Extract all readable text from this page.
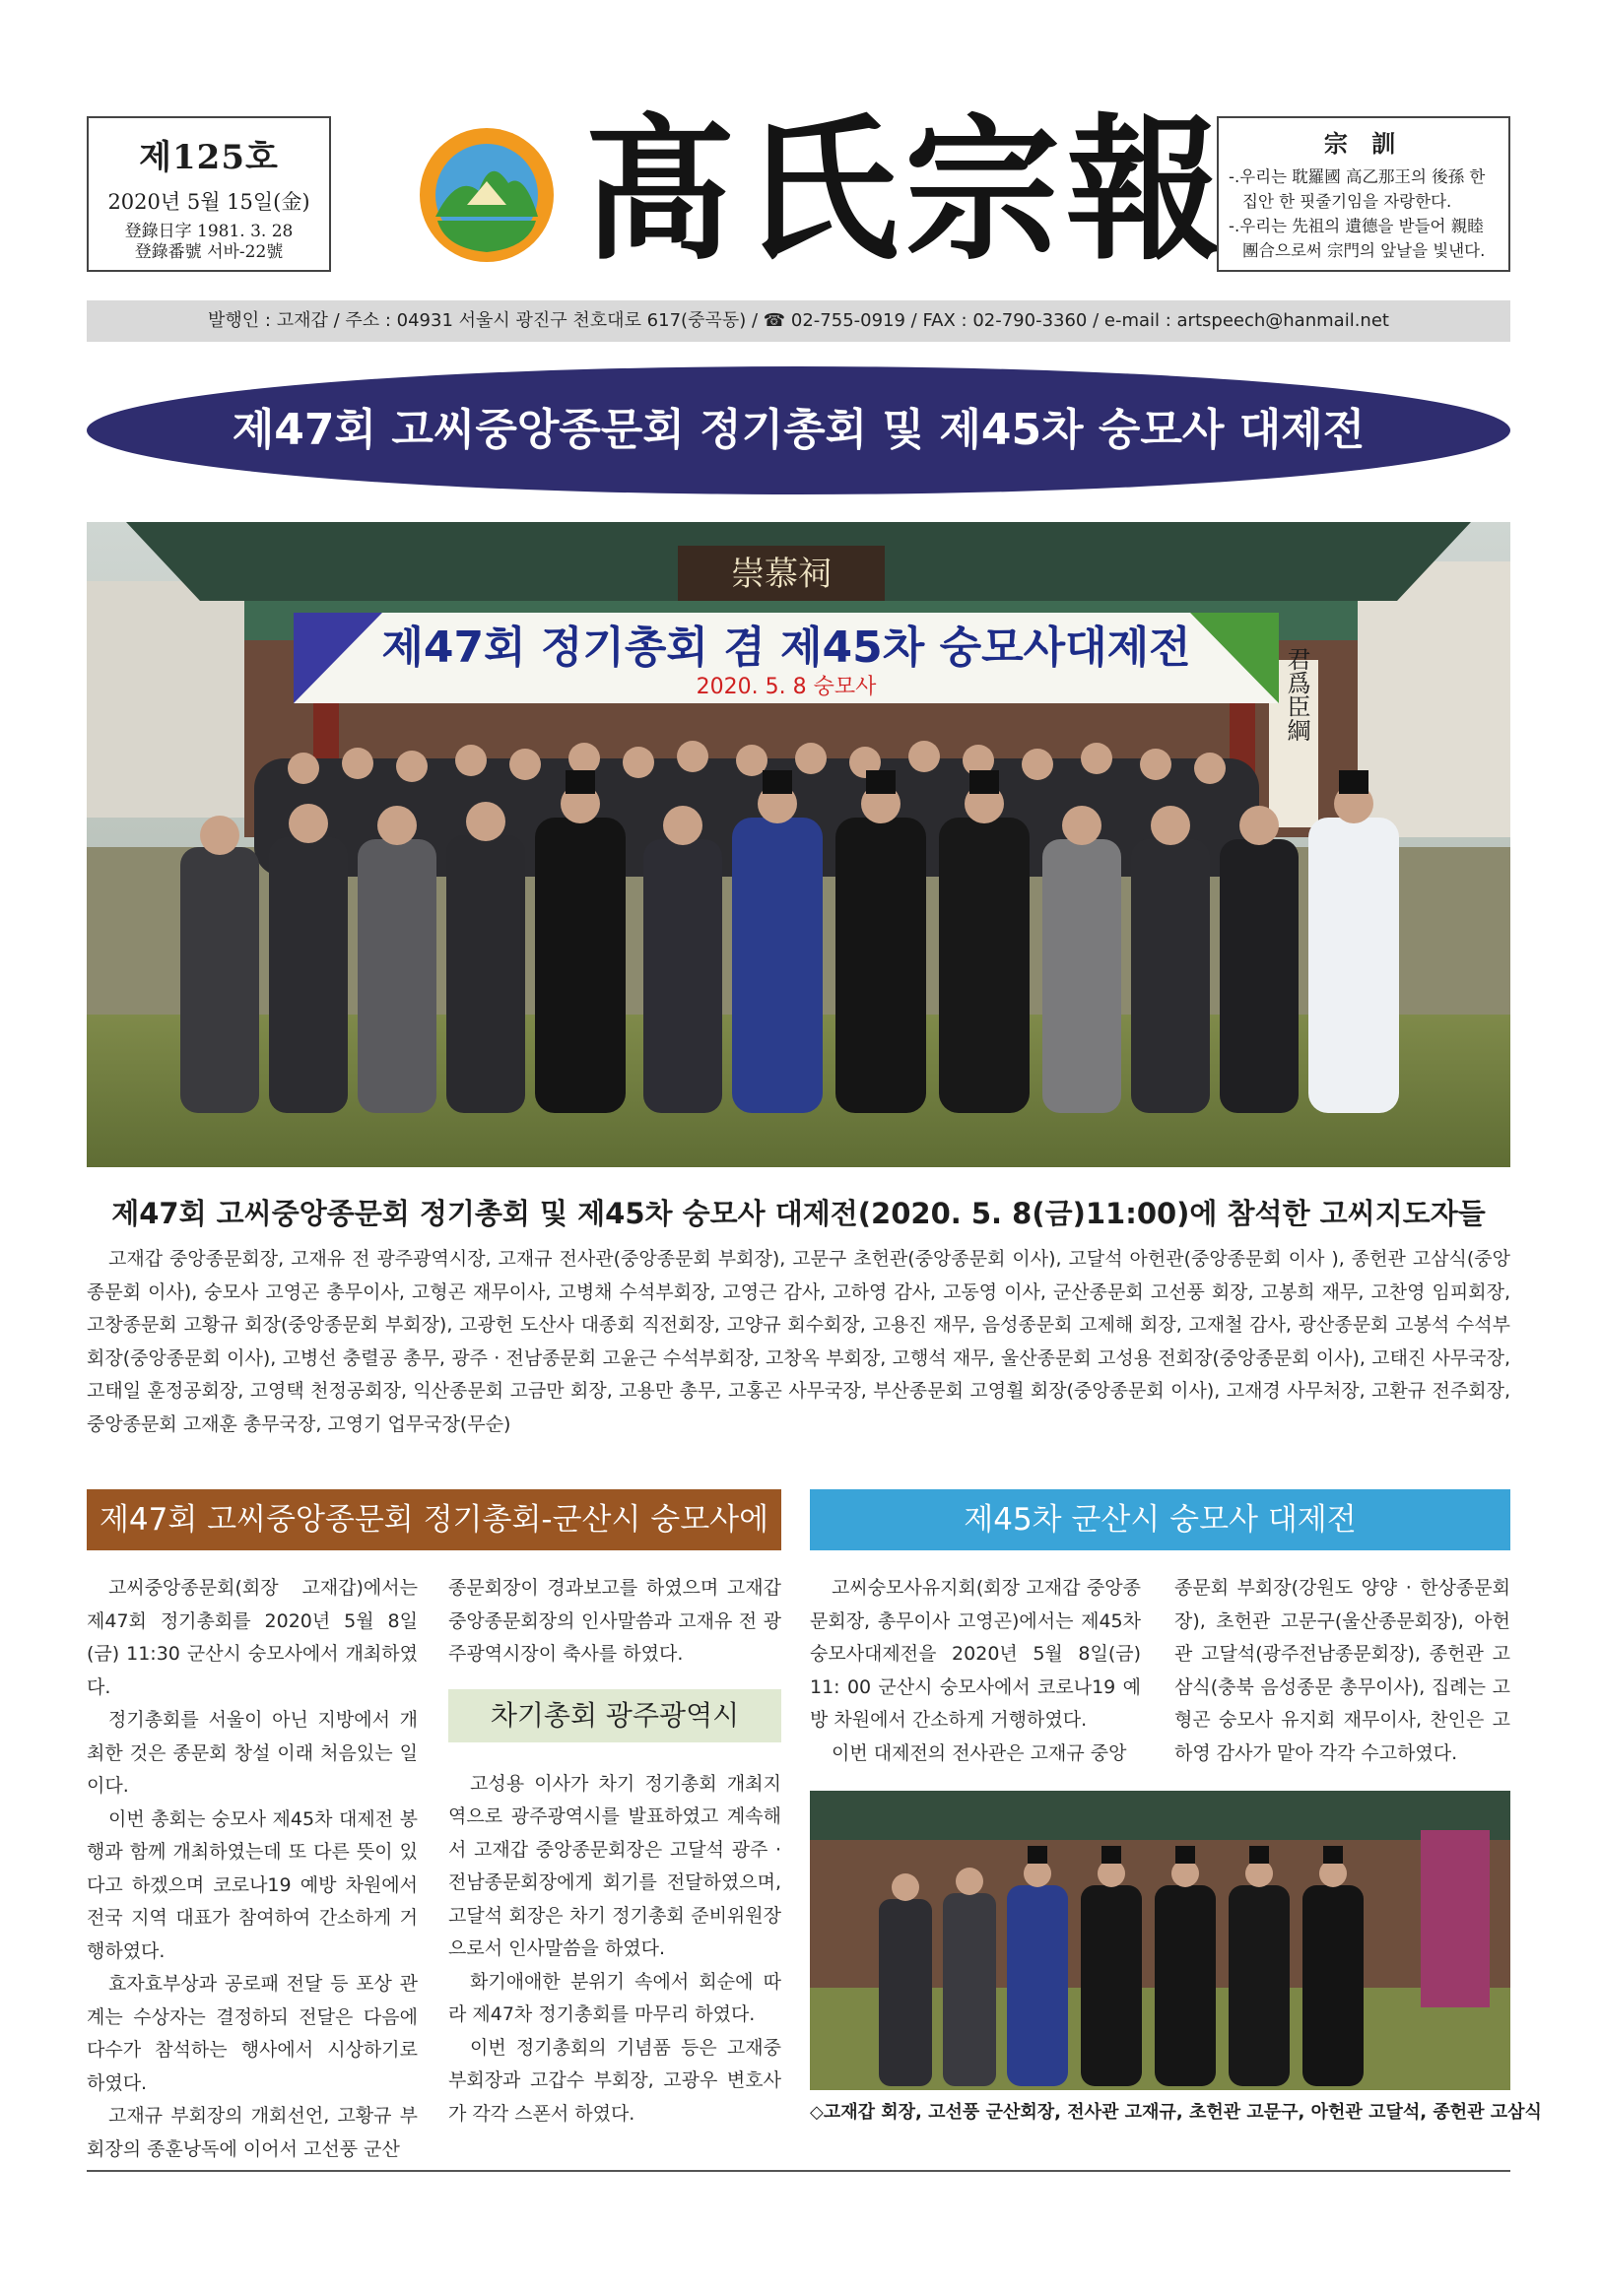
제125호
2020년 5월 15일(金)
登錄日字 1981. 3. 28
登錄番號 서바-22號 髙氏宗報	宗 訓
-.우리는 耽羅國 高乙那王의 後孫 한
집안 한 핏줄기임을 자랑한다.
-.우리는 先祖의 遺德을 받들어 親睦
團合으로써 宗門의 앞날을 빛낸다.
발행인 : 고재갑 / 주소 : 04931 서울시 광진구 천호대로 617(중곡동) / ☎ 02-755-0919 / FAX : 02-790-3360 / e-mail : artspeech@hanmail.net
제47회 고씨중앙종문회 정기총회 및 제45차 숭모사 대제전
崇慕祠
제47회 정기총회 겸 제45차 숭모사대제전
2020. 5. 8 숭모사	君爲臣綱
제47회 고씨중앙종문회 정기총회 및 제45차 숭모사 대제전(2020. 5. 8(금)11:00)에 참석한 고씨지도자들
고재갑 중앙종문회장, 고재유 전 광주광역시장, 고재규 전사관(중앙종문회 부회장), 고문구 초헌관(중앙종문회 이사), 고달석 아헌관(중앙종문회 이사 ), 종헌관 고삼식(중앙종문회 이사), 숭모사 고영곤 총무이사, 고형곤 재무이사, 고병채 수석부회장, 고영근 감사, 고하영 감사, 고동영 이사, 군산종문회 고선풍 회장, 고봉희 재무, 고찬영 임피회장, 고창종문회 고황규 회장(중앙종문회 부회장), 고광헌 도산사 대종회 직전회장, 고양규 회수회장, 고용진 재무, 음성종문회 고제해 회장, 고재철 감사, 광산종문회 고봉석 수석부회장(중앙종문회 이사), 고병선 충렬공 총무, 광주 · 전남종문회 고윤근 수석부회장, 고창옥 부회장, 고행석 재무, 울산종문회 고성용 전회장(중앙종문회 이사), 고태진 사무국장, 고태일 훈정공회장, 고영택 천정공회장, 익산종문회 고금만 회장, 고용만 총무, 고홍곤 사무국장, 부산종문회 고영휠 회장(중앙종문회 이사), 고재경 사무처장, 고환규 전주회장, 중앙종문회 고재훈 총무국장, 고영기 업무국장(무순)
제47회 고씨중앙종문회 정기총회-군산시 숭모사에서
제45차 군산시 숭모사 대제전

고씨중앙종문회(회장 고재갑)에서는 제47회 정기총회를 2020년 5월 8일(금) 11:30 군산시 숭모사에서 개최하였다.

정기총회를 서울이 아닌 지방에서 개최한 것은 종문회 창설 이래 처음있는 일이다.

이번 총회는 숭모사 제45차 대제전 봉행과 함께 개최하였는데 또 다른 뜻이 있다고 하겠으며 코로나19 예방 차원에서 전국 지역 대표가 참여하여 간소하게 거행하였다.

효자효부상과 공로패 전달 등 포상 관계는 수상자는 결정하되 전달은 다음에 다수가 참석하는 행사에서 시상하기로 하였다.

고재규 부회장의 개회선언, 고황규 부회장의 종훈낭독에 이어서 고선풍 군산

종문회장이 경과보고를 하였으며 고재갑 중앙종문회장의 인사말씀과 고재유 전 광주광역시장이 축사를 하였다.

차기총회 광주광역시

고성용 이사가 차기 정기총회 개최지역으로 광주광역시를 발표하였고 계속해서 고재갑 중앙종문회장은 고달석 광주 · 전남종문회장에게 회기를 전달하였으며, 고달석 회장은 차기 정기총회 준비위원장으로서 인사말씀을 하였다.

화기애애한 분위기 속에서 회순에 따라 제47차 정기총회를 마무리 하였다.

이번 정기총회의 기념품 등은 고재중 부회장과 고갑수 부회장, 고광우 변호사가 각각 스폰서 하였다.

고씨숭모사유지회(회장 고재갑 중앙종문회장, 총무이사 고영곤)에서는 제45차 숭모사대제전을 2020년 5월 8일(금) 11: 00 군산시 숭모사에서 코로나19 예방 차원에서 간소하게 거행하였다.

이번 대제전의 전사관은 고재규 중앙

종문회 부회장(강원도 양양 · 한상종문회장), 초헌관 고문구(울산종문회장), 아헌관 고달석(광주전남종문회장), 종헌관 고삼식(충북 음성종문 총무이사), 집례는 고형곤 숭모사 유지회 재무이사, 찬인은 고하영 감사가 맡아 각각 수고하였다.

◇고재갑 회장, 고선풍 군산회장, 전사관 고재규, 초헌관 고문구, 아헌관 고달석, 종헌관 고삼식
